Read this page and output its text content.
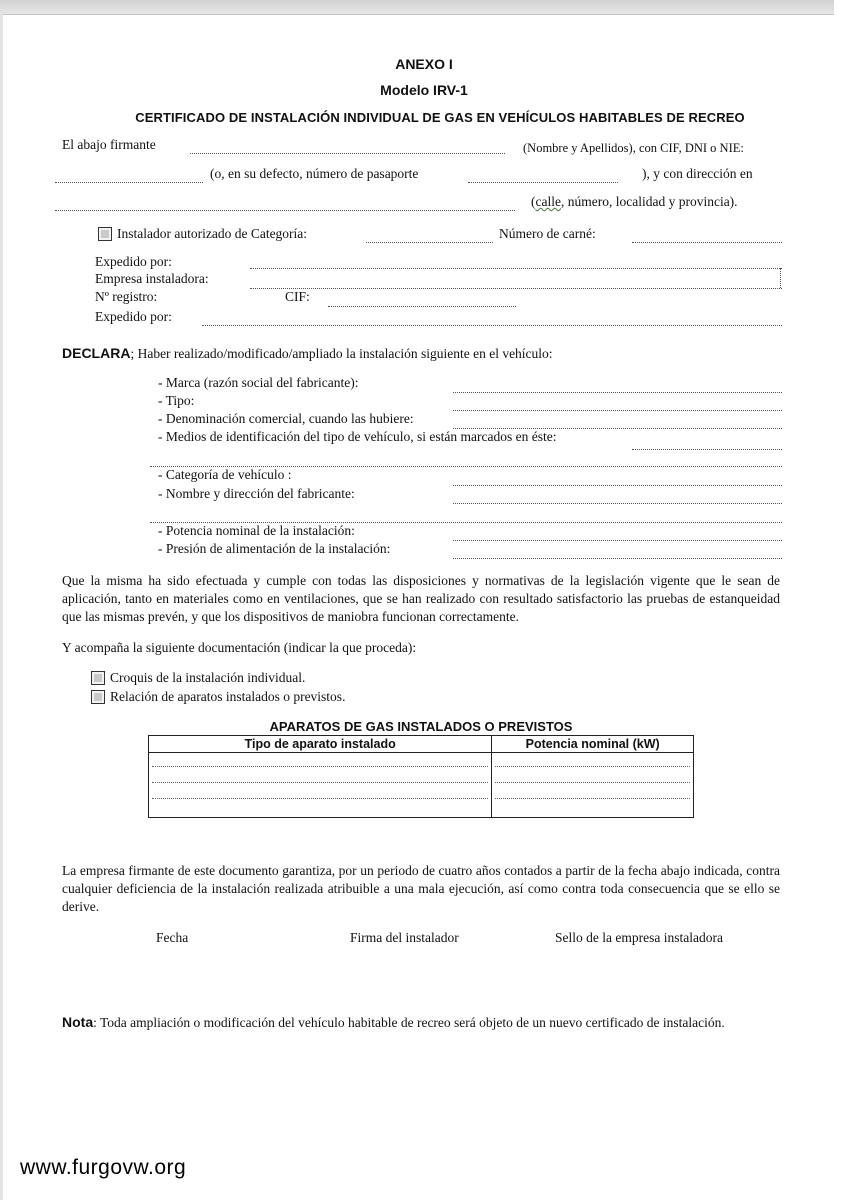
ANEXO I
Modelo IRV-1
CERTIFICADO DE INSTALACIÓN INDIVIDUAL DE GAS EN VEHÍCULOS HABITABLES DE RECREO
El abajo firmante	(Nombre y Apellidos), con CIF, DNI o NIE:
(o, en su defecto, número de pasaporte	), y con dirección en
(calle, número, localidad y provincia).
Instalador autorizado de Categoría:	Número de carné:
Expedido por:
Empresa instaladora:
Nº registro:	CIF:
Expedido por:
DECLARA; Haber realizado/modificado/ampliado la instalación siguiente en el vehículo:
- Marca (razón social del fabricante):
- Tipo:
- Denominación comercial, cuando las hubiere:
- Medios de identificación del tipo de vehículo, si están marcados en éste:
- Categoría de vehículo :
- Nombre y dirección del fabricante:
- Potencia nominal de la instalación:
- Presión de alimentación de la instalación:
Que la misma ha sido efectuada y cumple con todas las disposiciones y normativas de la legislación vigente que le sean de aplicación, tanto en materiales como en ventilaciones, que se han realizado con resultado satisfactorio las pruebas de estanqueidad que las mismas prevén, y que los dispositivos de maniobra funcionan correctamente.
Y acompaña la siguiente documentación (indicar la que proceda):
Croquis de la instalación individual.
Relación de aparatos instalados o previstos.
APARATOS DE GAS INSTALADOS O PREVISTOS
Tipo de aparato instalado	Potencia nominal (kW)

La empresa firmante de este documento garantiza, por un periodo de cuatro años contados a partir de la fecha abajo indicada, contra cualquier deficiencia de la instalación realizada atribuible a una mala ejecución, así como contra toda consecuencia que se ello se derive.
Fecha	Firma del instalador	Sello de la empresa instaladora
Nota: Toda ampliación o modificación del vehículo habitable de recreo será objeto de un nuevo certificado de instalación.
www.furgovw.org
